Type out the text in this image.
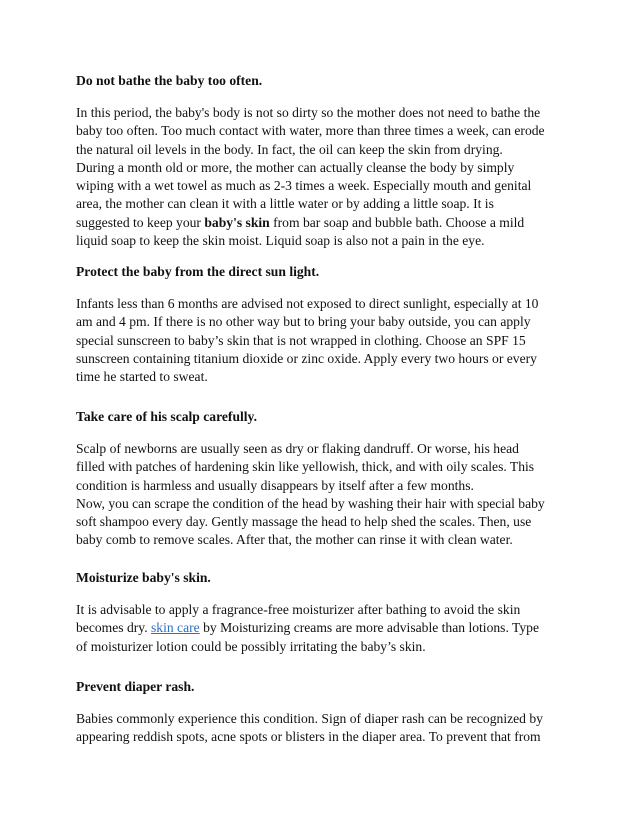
Do not bathe the baby too often.

In this period, the baby's body is not so dirty so the mother does not need to bathe the
baby too often. Too much contact with water, more than three times a week, can erode
the natural oil levels in the body. In fact, the oil can keep the skin from drying.
During a month old or more, the mother can actually cleanse the body by simply
wiping with a wet towel as much as 2-3 times a week. Especially mouth and genital
area, the mother can clean it with a little water or by adding a little soap. It is
suggested to keep your baby's skin from bar soap and bubble bath. Choose a mild
liquid soap to keep the skin moist. Liquid soap is also not a pain in the eye.

Protect the baby from the direct sun light.

Infants less than 6 months are advised not exposed to direct sunlight, especially at 10
am and 4 pm. If there is no other way but to bring your baby outside, you can apply
special sunscreen to baby’s skin that is not wrapped in clothing. Choose an SPF 15
sunscreen containing titanium dioxide or zinc oxide. Apply every two hours or every
time he started to sweat.

Take care of his scalp carefully.

Scalp of newborns are usually seen as dry or flaking dandruff. Or worse, his head
filled with patches of hardening skin like yellowish, thick, and with oily scales. This
condition is harmless and usually disappears by itself after a few months.
Now, you can scrape the condition of the head by washing their hair with special baby
soft shampoo every day. Gently massage the head to help shed the scales. Then, use
baby comb to remove scales. After that, the mother can rinse it with clean water.

Moisturize baby's skin.

It is advisable to apply a fragrance-free moisturizer after bathing to avoid the skin
becomes dry. skin care by Moisturizing creams are more advisable than lotions. Type
of moisturizer lotion could be possibly irritating the baby’s skin.

Prevent diaper rash.

Babies commonly experience this condition. Sign of diaper rash can be recognized by
appearing reddish spots, acne spots or blisters in the diaper area. To prevent that from
